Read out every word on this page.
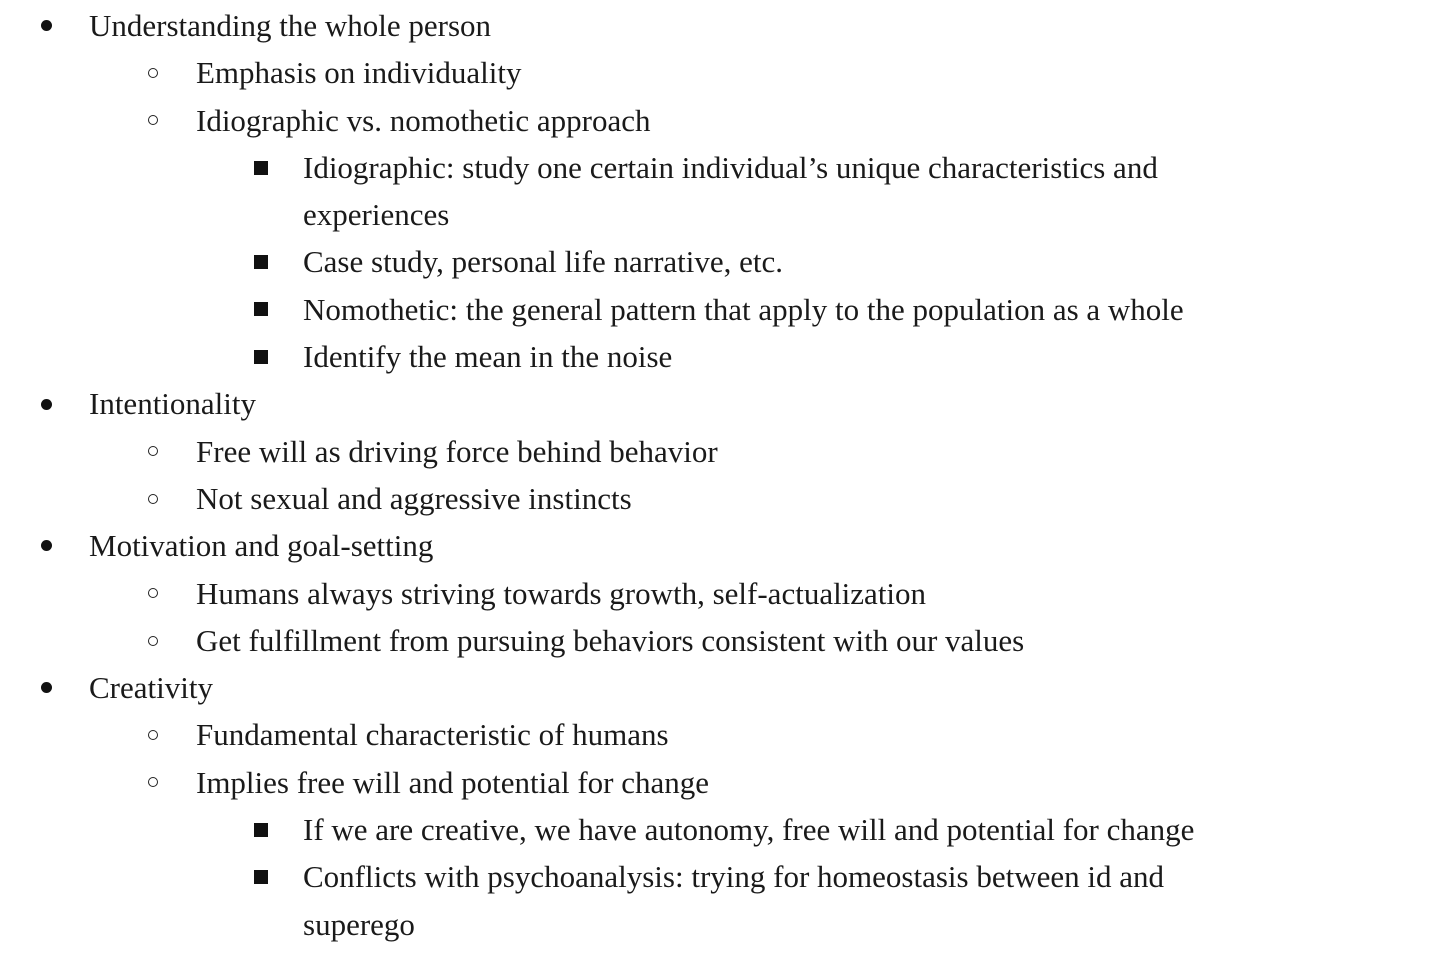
Understanding the whole person
Emphasis on individuality
Idiographic vs. nomothetic approach
Idiographic: study one certain individual’s unique characteristics and
experiences
Case study, personal life narrative, etc.
Nomothetic: the general pattern that apply to the population as a whole
Identify the mean in the noise
Intentionality
Free will as driving force behind behavior
Not sexual and aggressive instincts
Motivation and goal-setting
Humans always striving towards growth, self-actualization
Get fulfillment from pursuing behaviors consistent with our values
Creativity
Fundamental characteristic of humans
Implies free will and potential for change
If we are creative, we have autonomy, free will and potential for change
Conflicts with psychoanalysis: trying for homeostasis between id and
superego
